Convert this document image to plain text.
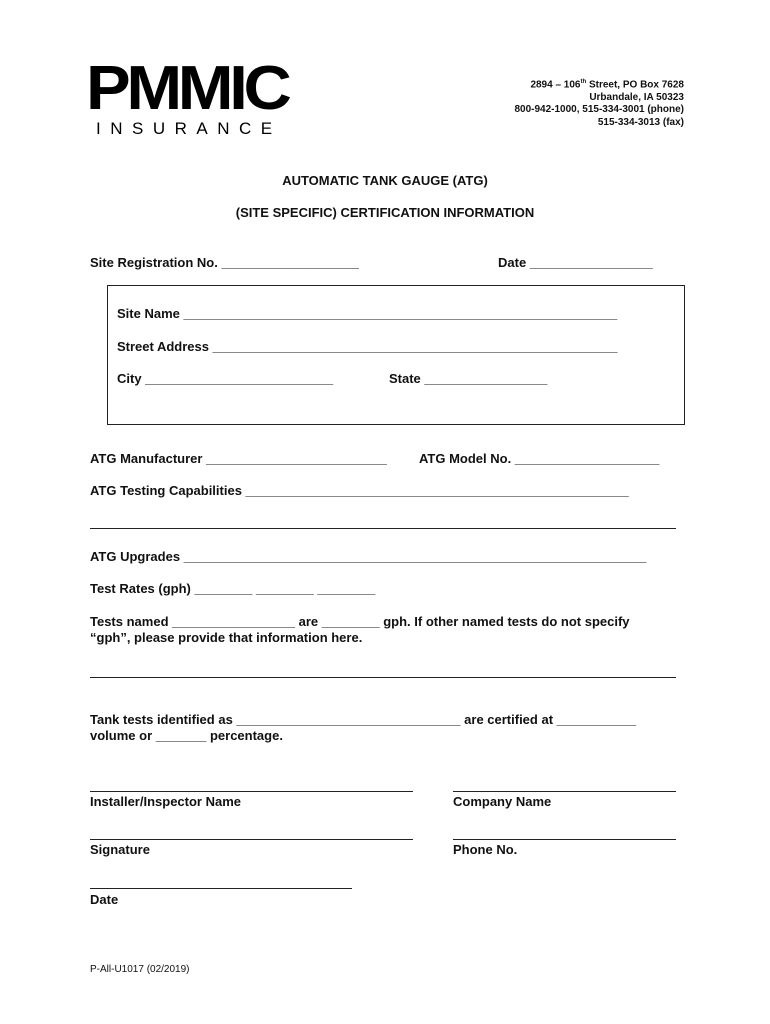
PMMIC
INSURANCE
2894 – 106th Street, PO Box 7628
Urbandale, IA 50323
800-942-1000, 515-334-3001 (phone)
515-334-3013 (fax)
AUTOMATIC TANK GAUGE (ATG)
(SITE SPECIFIC) CERTIFICATION INFORMATION
Site Registration No. ___________________	Date _________________
Site Name ____________________________________________________________
Street Address ________________________________________________________
City __________________________	State _________________
ATG Manufacturer _________________________ ATG Model No. ____________________
ATG Testing Capabilities _____________________________________________________
ATG Upgrades ________________________________________________________________
Test Rates (gph) ________ ________ ________
Tests named _________________ are ________ gph. If other named tests do not specify
“gph”, please provide that information here.
Tank tests identified as _______________________________ are certified at ___________
volume or _______ percentage.
Installer/Inspector Name	Company Name
Signature	Phone No.
Date
P-All-U1017 (02/2019)
